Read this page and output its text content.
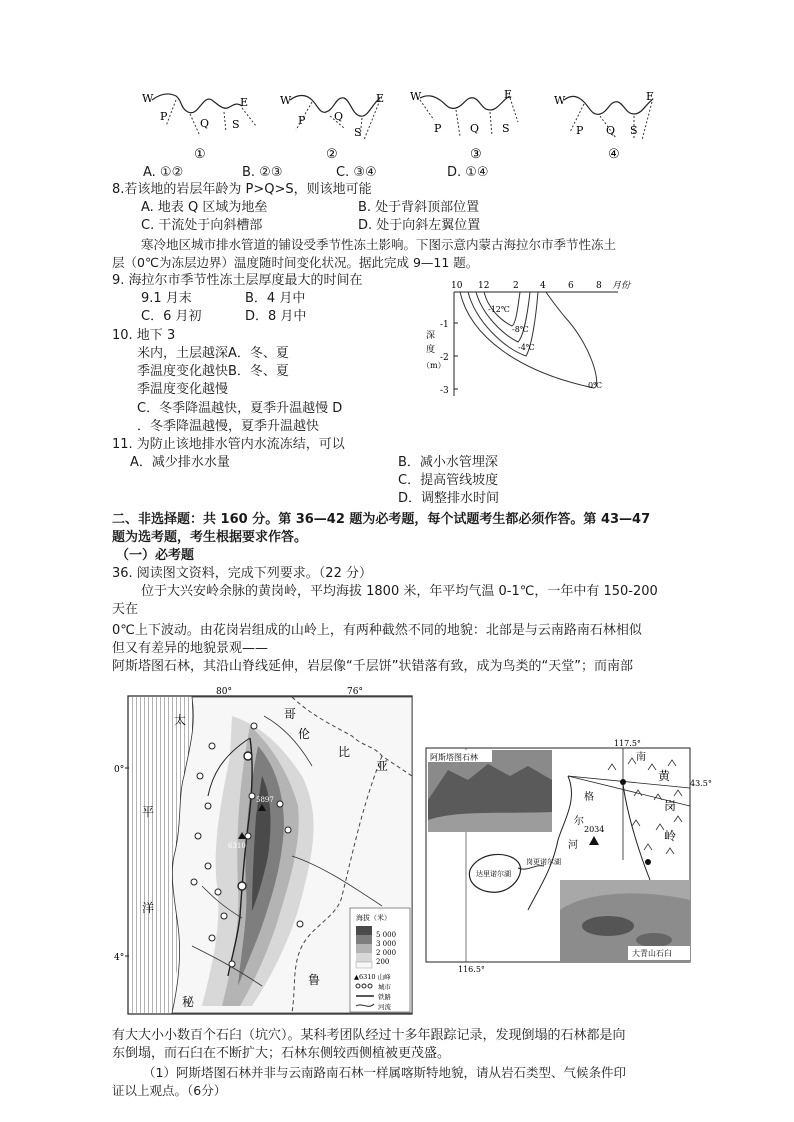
W	E
P
Q S
①
W	E
P	Q
S
②
W	E
P	Q S
③
W	E
P Q S
④
A. ①②	B. ②③	C. ③④	D. ①④
8.若该地的岩层年龄为 P>Q>S，则该地可能
A. 地表 Q 区域为地垒	B. 处于背斜顶部位置
C. 干流处于向斜槽部	D. 处于向斜左翼位置
寒冷地区城市排水管道的铺设受季节性冻土影响。下图示意内蒙古海拉尔市季节性冻土
层（0℃为冻层边界）温度随时间变化状况。据此完成 9—11 题。
9. 海拉尔市季节性冻土层厚度最大的时间在
9.1 月末	B．4 月中
C．6 月初	D．8 月中
10. 地下 3
米内，土层越深A．冬、夏
季温度变化越快B．冬、夏
季温度变化越慢
C．冬季降温越快，夏季升温越慢 D
．冬季降温越慢，夏季升温越快
10 12	2 4 6 8 月份
-1
-2
-3
深
度
（m）
-12℃
-8℃
-4℃
0℃
11. 为防止该地排水管内水流冻结，可以
A．减少排水水量	B．减小水管埋深
C．提高管线坡度
D．调整排水时间
二、非选择题：共 160 分。第 36—42 题为必考题，每个试题考生都必须作答。第 43—47
题为选考题，考生根据要求作答。
（一）必考题
36. 阅读图文资料，完成下列要求。（22 分）
位于大兴安岭余脉的黄岗岭，平均海拔 1800 米，年平均气温 0-1℃，一年中有 150-200
天在
0℃上下波动。由花岗岩组成的山岭上，有两种截然不同的地貌：北部是与云南路南石林相似
但又有差异的地貌景观——
阿斯塔图石林，其沿山脊线延伸，岩层像“千层饼”状错落有致，成为鸟类的“天堂”；而南部
5897
6310
80°	76°
0°
4°
太
平
洋
哥
伦
比
亚
秘
鲁
海拔（米）
5 000
3 000
2 000
200
▲6310 山峰
城市
铁路
河流
117.5°
43.5°
116.5°
阿斯塔图石林
2034
黄
岗
岭
南
格
尔
河
达里诺尔湖
岗更诺尔湖
大青山石臼
有大大小小数百个石臼（坑穴）。某科考团队经过十多年跟踪记录，发现倒塌的石林都是向
东倒塌，而石臼在不断扩大；石林东侧较西侧植被更茂盛。
（1）阿斯塔图石林并非与云南路南石林一样属喀斯特地貌，请从岩石类型、气候条件印
证以上观点。（6分）
